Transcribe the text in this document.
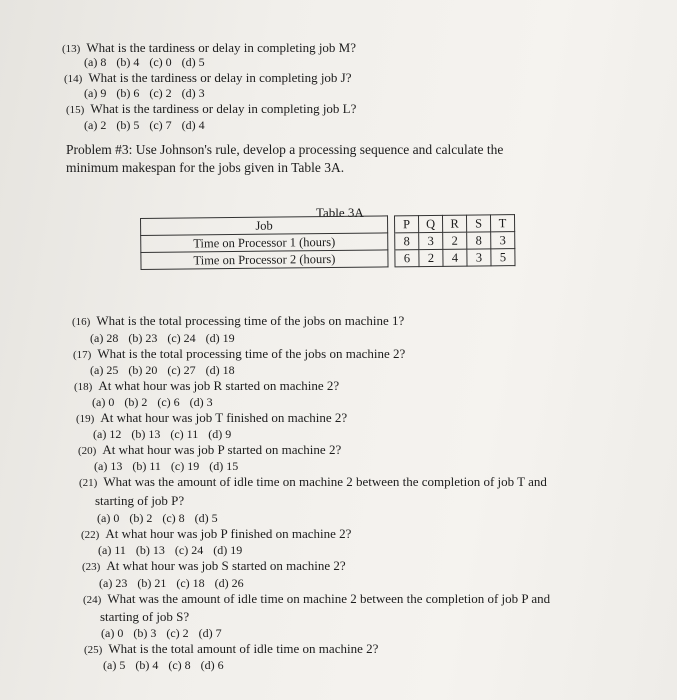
(13) What is the tardiness or delay in completing job M?
(a) 8 (b) 4 (c) 0 (d) 5
(14) What is the tardiness or delay in completing job J?
(a) 9 (b) 6 (c) 2 (d) 3
(15) What is the tardiness or delay in completing job L?
(a) 2 (b) 5 (c) 7 (d) 4
Problem #3: Use Johnson's rule, develop a processing sequence and calculate the
minimum makespan for the jobs given in Table 3A.
Table 3A
Job		P	Q	R	S	T
Time on Processor 1 (hours)		8	3	2	8	3
Time on Processor 2 (hours)		6	2	4	3	5
(16) What is the total processing time of the jobs on machine 1?
(a) 28 (b) 23 (c) 24 (d) 19
(17) What is the total processing time of the jobs on machine 2?
(a) 25 (b) 20 (c) 27 (d) 18
(18) At what hour was job R started on machine 2?
(a) 0 (b) 2 (c) 6 (d) 3
(19) At what hour was job T finished on machine 2?
(a) 12 (b) 13 (c) 11 (d) 9
(20) At what hour was job P started on machine 2?
(a) 13 (b) 11 (c) 19 (d) 15
(21) What was the amount of idle time on machine 2 between the completion of job T and
starting of job P?
(a) 0 (b) 2 (c) 8 (d) 5
(22) At what hour was job P finished on machine 2?
(a) 11 (b) 13 (c) 24 (d) 19
(23) At what hour was job S started on machine 2?
(a) 23 (b) 21 (c) 18 (d) 26
(24) What was the amount of idle time on machine 2 between the completion of job P and
starting of job S?
(a) 0 (b) 3 (c) 2 (d) 7
(25) What is the total amount of idle time on machine 2?
(a) 5 (b) 4 (c) 8 (d) 6
